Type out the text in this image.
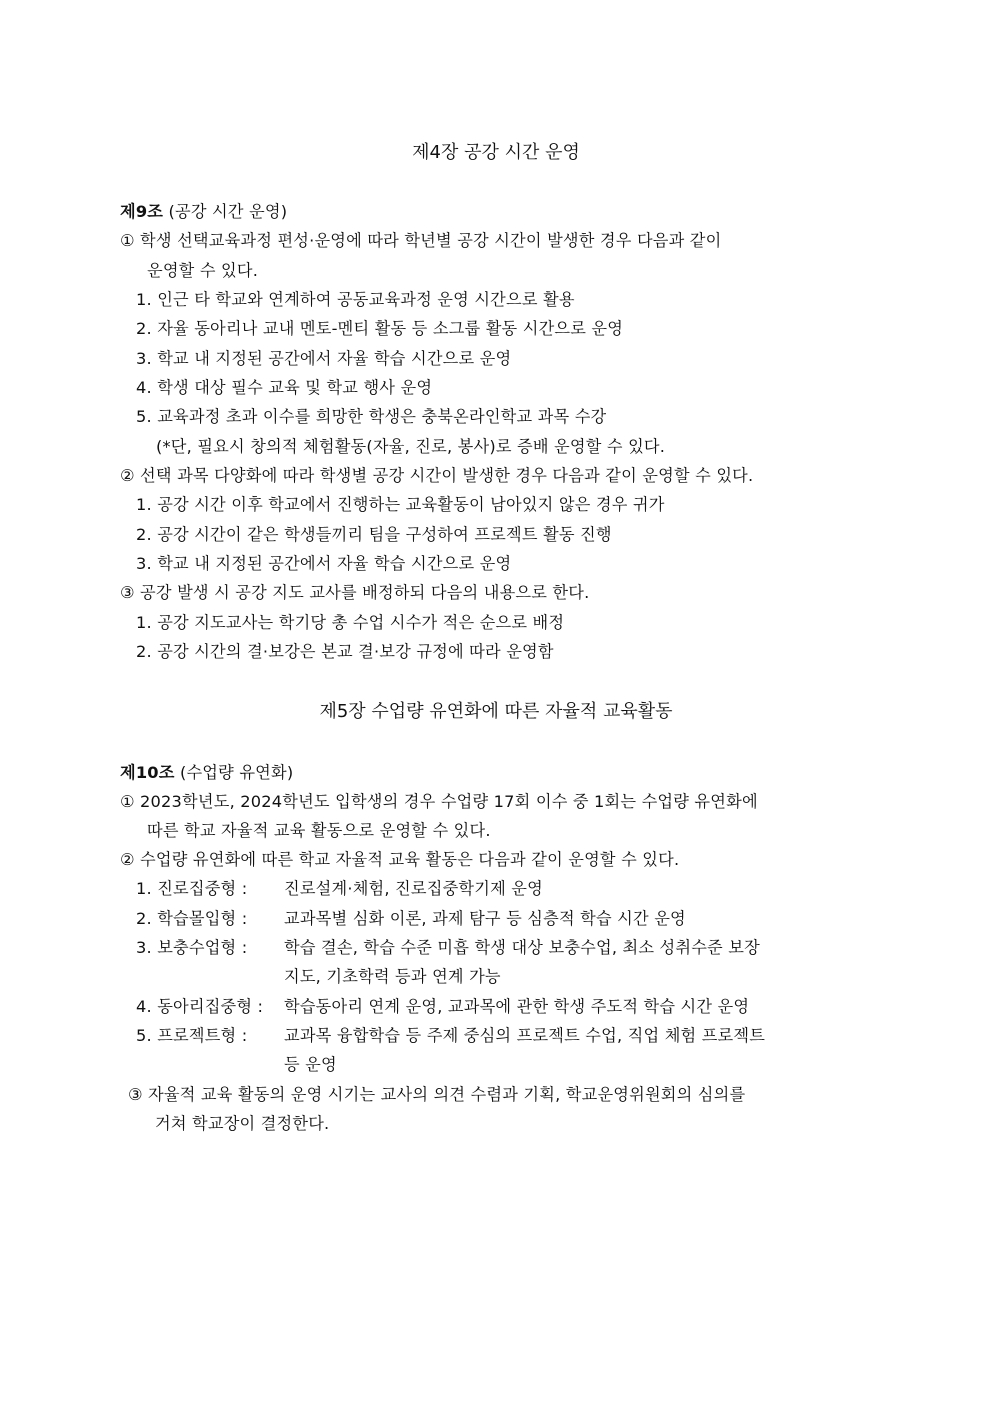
제4장 공강 시간 운영
제9조 (공강 시간 운영)
① 학생 선택교육과정 편성·운영에 따라 학년별 공강 시간이 발생한 경우 다음과 같이
운영할 수 있다.
1. 인근 타 학교와 연계하여 공동교육과정 운영 시간으로 활용
2. 자율 동아리나 교내 멘토-멘티 활동 등 소그룹 활동 시간으로 운영
3. 학교 내 지정된 공간에서 자율 학습 시간으로 운영
4. 학생 대상 필수 교육 및 학교 행사 운영
5. 교육과정 초과 이수를 희망한 학생은 충북온라인학교 과목 수강
(*단, 필요시 창의적 체험활동(자율, 진로, 봉사)로 증배 운영할 수 있다.
② 선택 과목 다양화에 따라 학생별 공강 시간이 발생한 경우 다음과 같이 운영할 수 있다.
1. 공강 시간 이후 학교에서 진행하는 교육활동이 남아있지 않은 경우 귀가
2. 공강 시간이 같은 학생들끼리 팀을 구성하여 프로젝트 활동 진행
3. 학교 내 지정된 공간에서 자율 학습 시간으로 운영
③ 공강 발생 시 공강 지도 교사를 배정하되 다음의 내용으로 한다.
1. 공강 지도교사는 학기당 총 수업 시수가 적은 순으로 배정
2. 공강 시간의 결·보강은 본교 결·보강 규정에 따라 운영함
제5장 수업량 유연화에 따른 자율적 교육활동
제10조 (수업량 유연화)
① 2023학년도, 2024학년도 입학생의 경우 수업량 17회 이수 중 1회는 수업량 유연화에
따른 학교 자율적 교육 활동으로 운영할 수 있다.
② 수업량 유연화에 따른 학교 자율적 교육 활동은 다음과 같이 운영할 수 있다.
1. 진로집중형 : 진로설계·체험, 진로집중학기제 운영
2. 학습몰입형 : 교과목별 심화 이론, 과제 탐구 등 심층적 학습 시간 운영
3. 보충수업형 : 학습 결손, 학습 수준 미흡 학생 대상 보충수업, 최소 성취수준 보장
지도, 기초학력 등과 연계 가능
4. 동아리집중형 : 학습동아리 연계 운영, 교과목에 관한 학생 주도적 학습 시간 운영
5. 프로젝트형 : 교과목 융합학습 등 주제 중심의 프로젝트 수업, 직업 체험 프로젝트
등 운영
③ 자율적 교육 활동의 운영 시기는 교사의 의견 수렴과 기획, 학교운영위원회의 심의를
거쳐 학교장이 결정한다.
